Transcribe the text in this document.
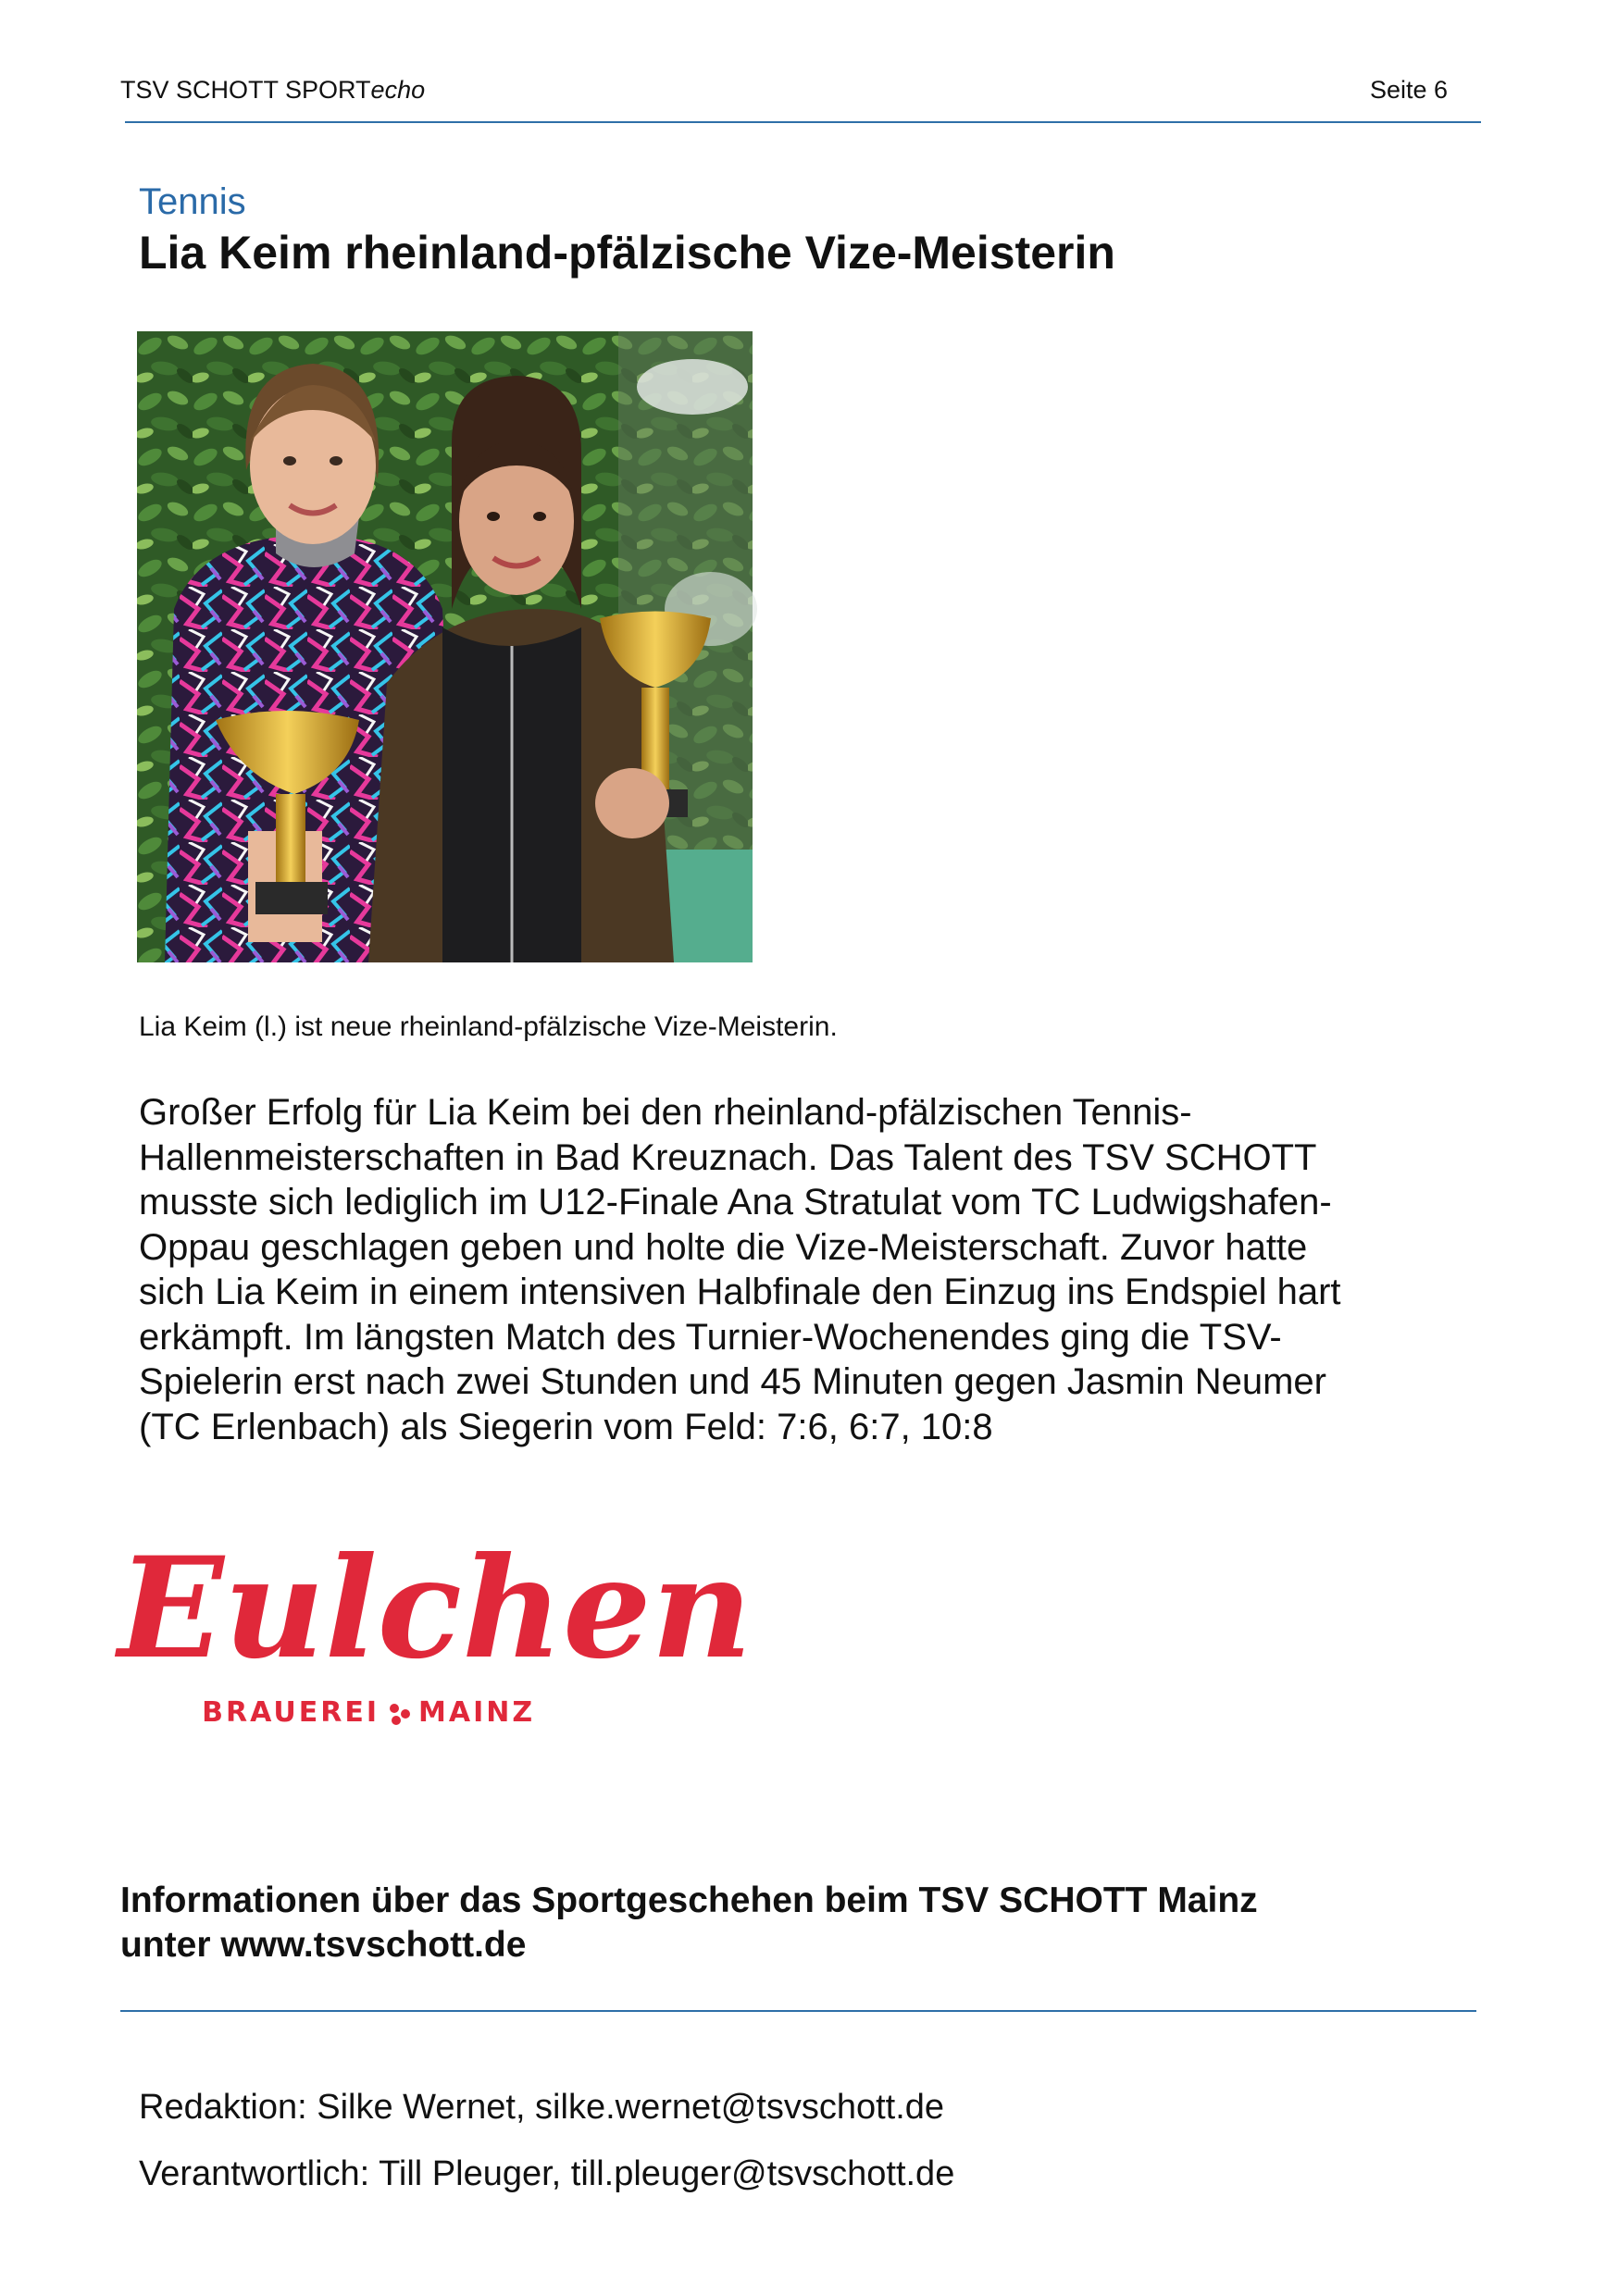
TSV SCHOTT SPORTecho	Seite 6
Tennis
Lia Keim rheinland-pfälzische Vize-Meisterin
Lia Keim (l.) ist neue rheinland-pfälzische Vize-Meisterin.
Großer Erfolg für Lia Keim bei den rheinland-pfälzischen Tennis-
Hallenmeisterschaften in Bad Kreuznach. Das Talent des TSV SCHOTT
musste sich lediglich im U12-Finale Ana Stratulat vom TC Ludwigshafen-
Oppau geschlagen geben und holte die Vize-Meisterschaft. Zuvor hatte
sich Lia Keim in einem intensiven Halbfinale den Einzug ins Endspiel hart
erkämpft. Im längsten Match des Turnier-Wochenendes ging die TSV-
Spielerin erst nach zwei Stunden und 45 Minuten gegen Jasmin Neumer
(TC Erlenbach) als Siegerin vom Feld: 7:6, 6:7, 10:8
Eulchen
BRAUEREI MAINZ
Informationen über das Sportgeschehen beim TSV SCHOTT Mainz
unter www.tsvschott.de
Redaktion: Silke Wernet, silke.wernet@tsvschott.de
Verantwortlich: Till Pleuger, till.pleuger@tsvschott.de
